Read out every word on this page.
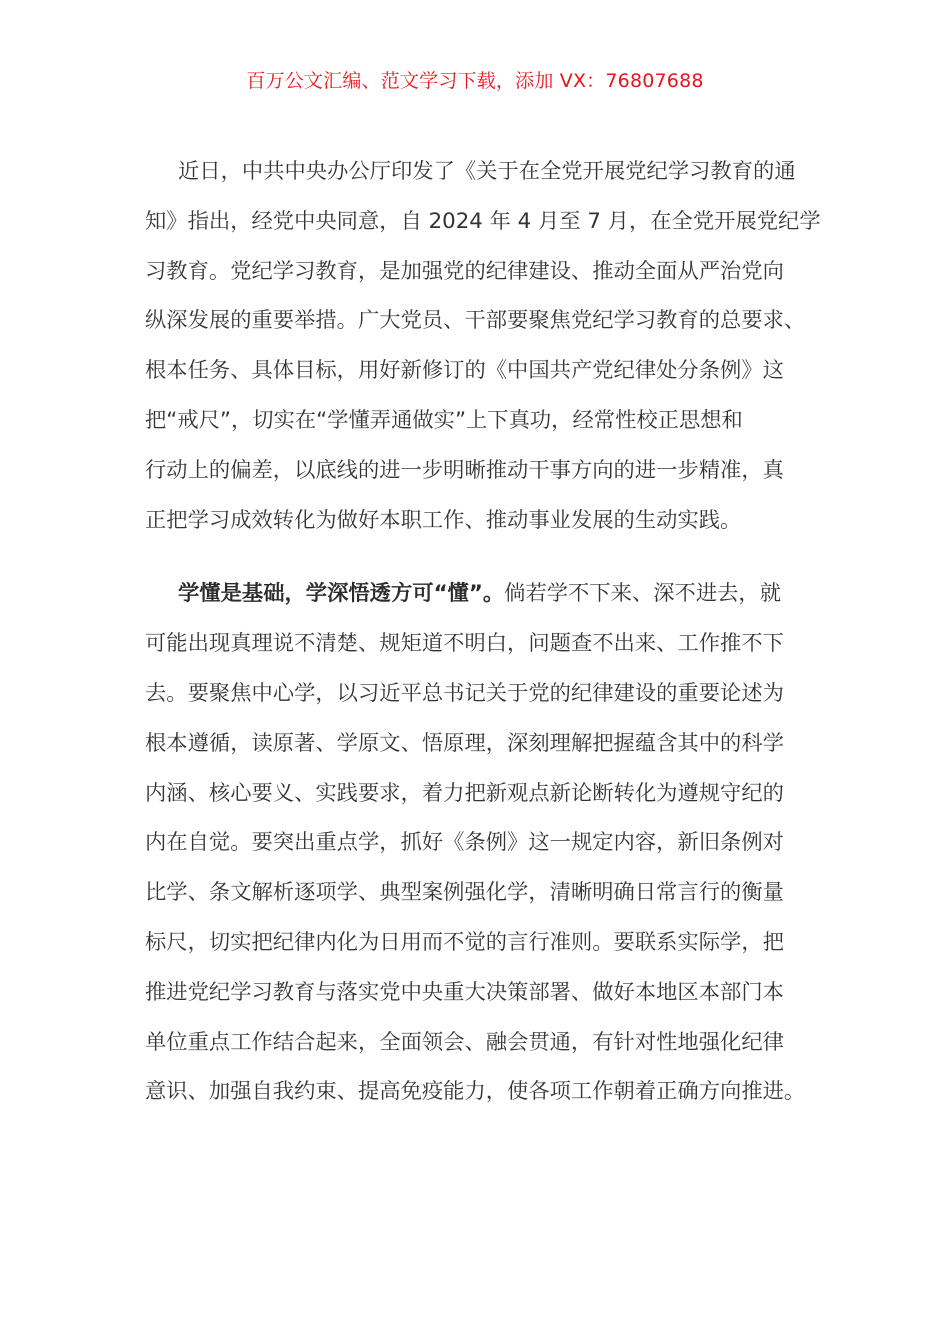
百万公文汇编、范文学习下载，添加 VX：76807688
近日，中共中央办公厅印发了《关于在全党开展党纪学习教育的通
知》指出，经党中央同意，自 2024 年 4 月至 7 月，在全党开展党纪学
习教育。党纪学习教育，是加强党的纪律建设、推动全面从严治党向
纵深发展的重要举措。广大党员、干部要聚焦党纪学习教育的总要求、
根本任务、具体目标，用好新修订的《中国共产党纪律处分条例》这
把“戒尺”，切实在“学懂弄通做实”上下真功，经常性校正思想和
行动上的偏差，以底线的进一步明晰推动干事方向的进一步精准，真
正把学习成效转化为做好本职工作、推动事业发展的生动实践。
学懂是基础，学深悟透方可“懂”。倘若学不下来、深不进去，就
可能出现真理说不清楚、规矩道不明白，问题查不出来、工作推不下
去。要聚焦中心学，以习近平总书记关于党的纪律建设的重要论述为
根本遵循，读原著、学原文、悟原理，深刻理解把握蕴含其中的科学
内涵、核心要义、实践要求，着力把新观点新论断转化为遵规守纪的
内在自觉。要突出重点学，抓好《条例》这一规定内容，新旧条例对
比学、条文解析逐项学、典型案例强化学，清晰明确日常言行的衡量
标尺，切实把纪律内化为日用而不觉的言行准则。要联系实际学，把
推进党纪学习教育与落实党中央重大决策部署、做好本地区本部门本
单位重点工作结合起来，全面领会、融会贯通，有针对性地强化纪律
意识、加强自我约束、提高免疫能力，使各项工作朝着正确方向推进。
